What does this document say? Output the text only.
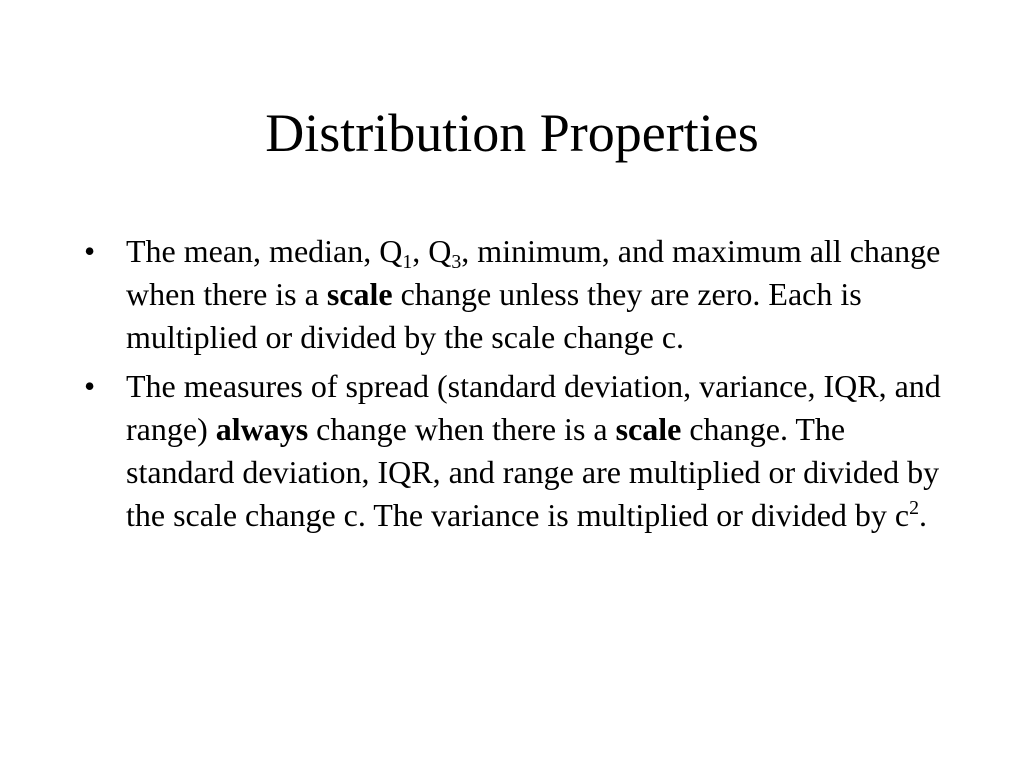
Distribution Properties
• The mean, median, $Q_1$, $Q_3$, minimum, and maximum all change when there is a scale change unless they are zero. Each is multiplied or divided by the scale change c.
• The measures of spread (standard deviation, variance, IQR, and range) always change when there is a scale change. The standard deviation, IQR, and range are multiplied or divided by the scale change c. The variance is multiplied or divided by $c^2$.
